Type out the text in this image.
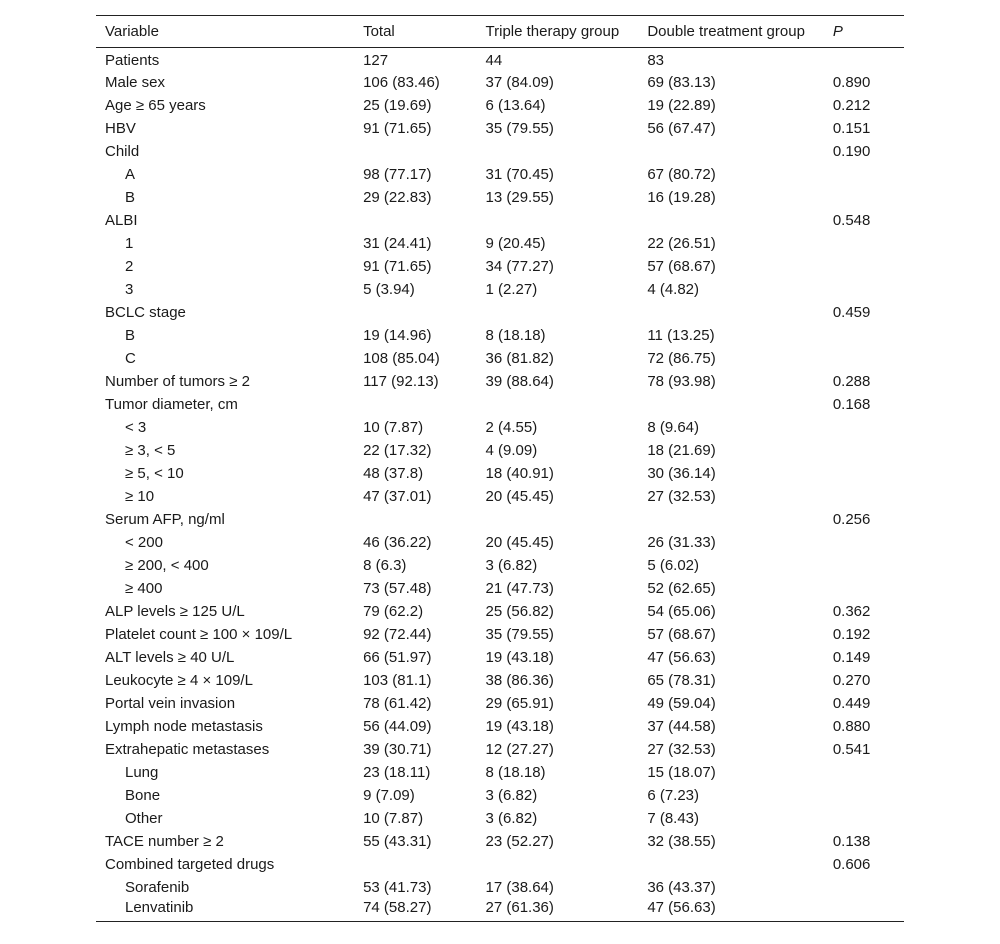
Variable	Total	Triple therapy group	Double treatment group	P
Patients	127	44	83	
Male sex	106 (83.46)	37 (84.09)	69 (83.13)	0.890
Age ≥ 65 years	25 (19.69)	6 (13.64)	19 (22.89)	0.212
HBV	91 (71.65)	35 (79.55)	56 (67.47)	0.151
Child				0.190
A	98 (77.17)	31 (70.45)	67 (80.72)	
B	29 (22.83)	13 (29.55)	16 (19.28)	
ALBI				0.548
1	31 (24.41)	9 (20.45)	22 (26.51)	
2	91 (71.65)	34 (77.27)	57 (68.67)	
3	5 (3.94)	1 (2.27)	4 (4.82)	
BCLC stage				0.459
B	19 (14.96)	8 (18.18)	11 (13.25)	
C	108 (85.04)	36 (81.82)	72 (86.75)	
Number of tumors ≥ 2	117 (92.13)	39 (88.64)	78 (93.98)	0.288
Tumor diameter, cm				0.168
< 3	10 (7.87)	2 (4.55)	8 (9.64)	
≥ 3, < 5	22 (17.32)	4 (9.09)	18 (21.69)	
≥ 5, < 10	48 (37.8)	18 (40.91)	30 (36.14)	
≥ 10	47 (37.01)	20 (45.45)	27 (32.53)	
Serum AFP, ng/ml				0.256
< 200	46 (36.22)	20 (45.45)	26 (31.33)	
≥ 200, < 400	8 (6.3)	3 (6.82)	5 (6.02)	
≥ 400	73 (57.48)	21 (47.73)	52 (62.65)	
ALP levels ≥ 125 U/L	79 (62.2)	25 (56.82)	54 (65.06)	0.362
Platelet count ≥ 100 × 109/L	92 (72.44)	35 (79.55)	57 (68.67)	0.192
ALT levels ≥ 40 U/L	66 (51.97)	19 (43.18)	47 (56.63)	0.149
Leukocyte ≥ 4 × 109/L	103 (81.1)	38 (86.36)	65 (78.31)	0.270
Portal vein invasion	78 (61.42)	29 (65.91)	49 (59.04)	0.449
Lymph node metastasis	56 (44.09)	19 (43.18)	37 (44.58)	0.880
Extrahepatic metastases	39 (30.71)	12 (27.27)	27 (32.53)	0.541
Lung	23 (18.11)	8 (18.18)	15 (18.07)	
Bone	9 (7.09)	3 (6.82)	6 (7.23)	
Other	10 (7.87)	3 (6.82)	7 (8.43)	
TACE number ≥ 2	55 (43.31)	23 (52.27)	32 (38.55)	0.138
Combined targeted drugs				0.606
Sorafenib	53 (41.73)	17 (38.64)	36 (43.37)	
Lenvatinib	74 (58.27)	27 (61.36)	47 (56.63)	
